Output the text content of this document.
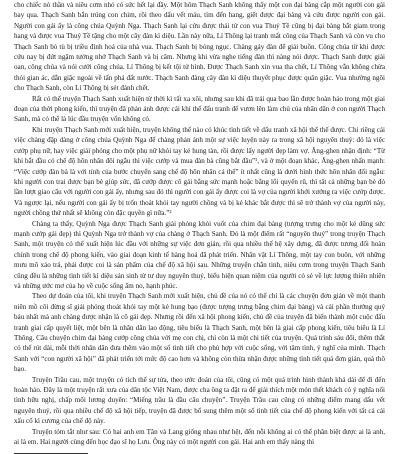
cho chiếc nỏ thần và niêu cơm nhỏ có sức hết lại đầy. Một hôm Thạch Sanh không thấy một con đại bàng cắp một người con gái bay qua. Thạch Sanh bắn trúng con chim, rồi theo dấu vết máu, tìm đến hang, giết được đại bàng và cứu được người con gái. Người con gái ấy là công chúa Quỳnh Nga. Thạch Sanh lại cứu được thái tử con vua Thuỷ Tề cũng bị đại bàng bắt giam trong hang và được vua Thuỷ Tề tặng cho một cây đàn kì diệu. Lần này nữa, Lí Thông lại tranh mất công của Thạch Sanh và còn vu cho Thạch Sanh bỏ tù bị triều đình hoá của nhà vua. Thạch Sanh bị bỏng ngục. Chàng gảy đàn để giải buồn. Công chúa từ khi được cứu nay bị đứt ngậm tưởng nhớ Thạch Sanh và bị câm. Nhưng khi vừa nghe tiếng đàn thì nàng nói được. Thạch Sanh được giải oan, công chúa và nói cưới công chúa. Lí Thông bị kết tội tử hình. Được Thạch Sanh xin vua tha chết, Lí Thông vẫn không chừa thói gian ác, dẫn giặc ngoài về tấn phá đất nước. Thạch Sanh đàng cây đàn kì diệu thuyết phục được quân giặc. Vua nhường ngôi cho Thạch Sanh, còn Lí Thông bị sét đánh chết.

Rất có thể truyện Thạch Sanh xuất hiện từ thời kì rất xa xôi, nhưng sau khi đã trải qua bao lần được hoàn hảo trong một giai đoạn của thời phong kiến, thì truyện đã phản ánh được cái khí thế đấu tranh để vươn lên làm chủ của nhân dân ở con người Thạch Sanh, mà có thể là lúc đầu truyện vốn không có.

Khi truyện Thạch Sanh mới xuất hiện, truyện không thể nào có khúc tình tiết về dấu tranh xã hội thể thế được. Chi riêng cái việc chàng đập dàng ở công chúa Quỳnh Nga để chàng phản ánh một sự việc luyện này ra trong xã hội nguyên thuỷ: đó là việc cướp phụ nữ, hay việc giải phóng cho một phụ nữ khỏi tay kẻ hung tàn, rồi được lấy người đẹp làm vợ. Ăng-ghen nhận định: “Từ khi bắt đầu có chế độ hôn nhân đôi ngẫu thì việc cướp và mua đàn bà cũng bắt đầu”¹, và ở một đoạn khác, Ăng-ghen nhấn mạnh: “Việc cướp đàn bà là với tính của bước chuyển sang chế độ hôn nhân cá thể” ít nhất cũng là dưới hình thức hôn nhân đối ngẫu: khi người con trai được bạn bè giúp sức, đã cướp được cô gái bằng sức mạnh hoặc bằng lối quyến rũ, thì tất cả những bạn bè đó lần lượt giao cấu với người con gái ấy, nhưng sau đó thì người con gái ấy được coi là vợ của người khởi xướng ra việc cướp được. Và ngược lại, nếu người con gái ấy bị trốn thoát khỏi tay người chồng và bị kẻ khác bắt được thì sẽ trở thành vợ của người này, người chồng thứ nhất sẽ không còn đặc quyền gì nữa.”²

Chàng ta thấy, Quỳnh Nga được Thạch Sanh giải phóng khỏi vuốt của chim đại bàng (tượng trưng cho một kẻ dũng sức mạnh cướp gái đẹp) thì Quỳnh Nga trở thành vợ của chàng ở Thạch Sanh. Đó là một điểm rất “nguyên thuỷ” trong truyện Thạch Sanh, một truyện có thể xuất hiện lúc đầu với những sự việc đơn giản, rồi qua nhiều thế hệ xây dựng, đã được tương đối hoàn chỉnh trong chế độ phong kiến, vào giai đoạn kinh tế hàng hoá đã phát triển. Nhân vật Lí Thông, một tay con buôn, với những mưu mô xảo trá, phải được coi là sản phẩm của chế độ xã hội sau. Những truyện chắn tinh, niêu cơm trong truyện Thạch Sanh cũng đều là những tình tiết kì diệu sản sinh từ tư duy nguyên thuỷ, biểu hiện quan niệm của người có sẻ về lực lượng thiên nhiên và những ước mơ của họ về cuộc sống ấm no, hạnh phúc.

Theo dự đoán của tôi, khi truyện Thạch Sanh mới xuất hiện, chủ đề của nó có thể chỉ là các chuyện đơn giản về một thanh niên mồ côi đừng sĩ giải phóng thoát khỏi tay một kẻ hung bạo (được tượng trưng bằng chim đại bàng) và cái phần thưởng quý báu nhất mà anh chàng được nhận là cô gái đẹp. Nhưng rồi đến xã hội phong kiến, chủ đề của truyện đã biến thành một cuộc đấu tranh giai cấp quyết liệt, một bên là nhân dân lao động, tiêu biểu là Thạch Sanh, một bên là giai cấp phong kiến, tiêu biểu là Lí Thông. Câu chuyện chim đại bàng cướp công chúa với mẹ con chị, chỉ còn là một chi tiết của truyện. Quá trình sáu đổi, thêm thắt có thể rút dài, mỗi thời nhân dân đưa thêm vào một số tình tiết cho phù hợp với cuộc sống, với tâm tình, ý nghĩ của mình. Thạch Sanh với “con người xã hội” đã phát triển tới mức độ cao hơn và không còn thừa nhận được những tình tiết quá đơn giản, quá thô bạo.

Truyện Trầu cau, một truyện có tích thể sự tửa, theo ước đoán của tôi, cũng có một quá trình hình thành khá dài để đi đến hoàn hảo. Đây là một truyện rất xưa của dân tộc Việt Nam, được cha ông ta đặt ra để giải thích một món thết khách có ý nghĩa nổi tình hữu nghị, chấp mối lương duyên: “Miếng trầu là đầu câu chuyện”. Truyện Trầu cau cũng có những điểm mang dấu vết nguyên thuỷ, rồi qua nhiều chế độ xã hội tiếp, truyện đã được bổ sung thêm một số tình tiết của chế độ phong kiến với tất cả cái xấu cổ kì cương của chế độ này.

Truyện tóm tắt như sau: Có hai anh em Tân và Lang giống nhau như hệt, đến nỗi không ai có thể phân biệt được ai là anh, ai là em. Hai người cùng đến học đạo sĩ họ Lưu. Ông này có một người con gái. Hai anh em thấy nàng thì
